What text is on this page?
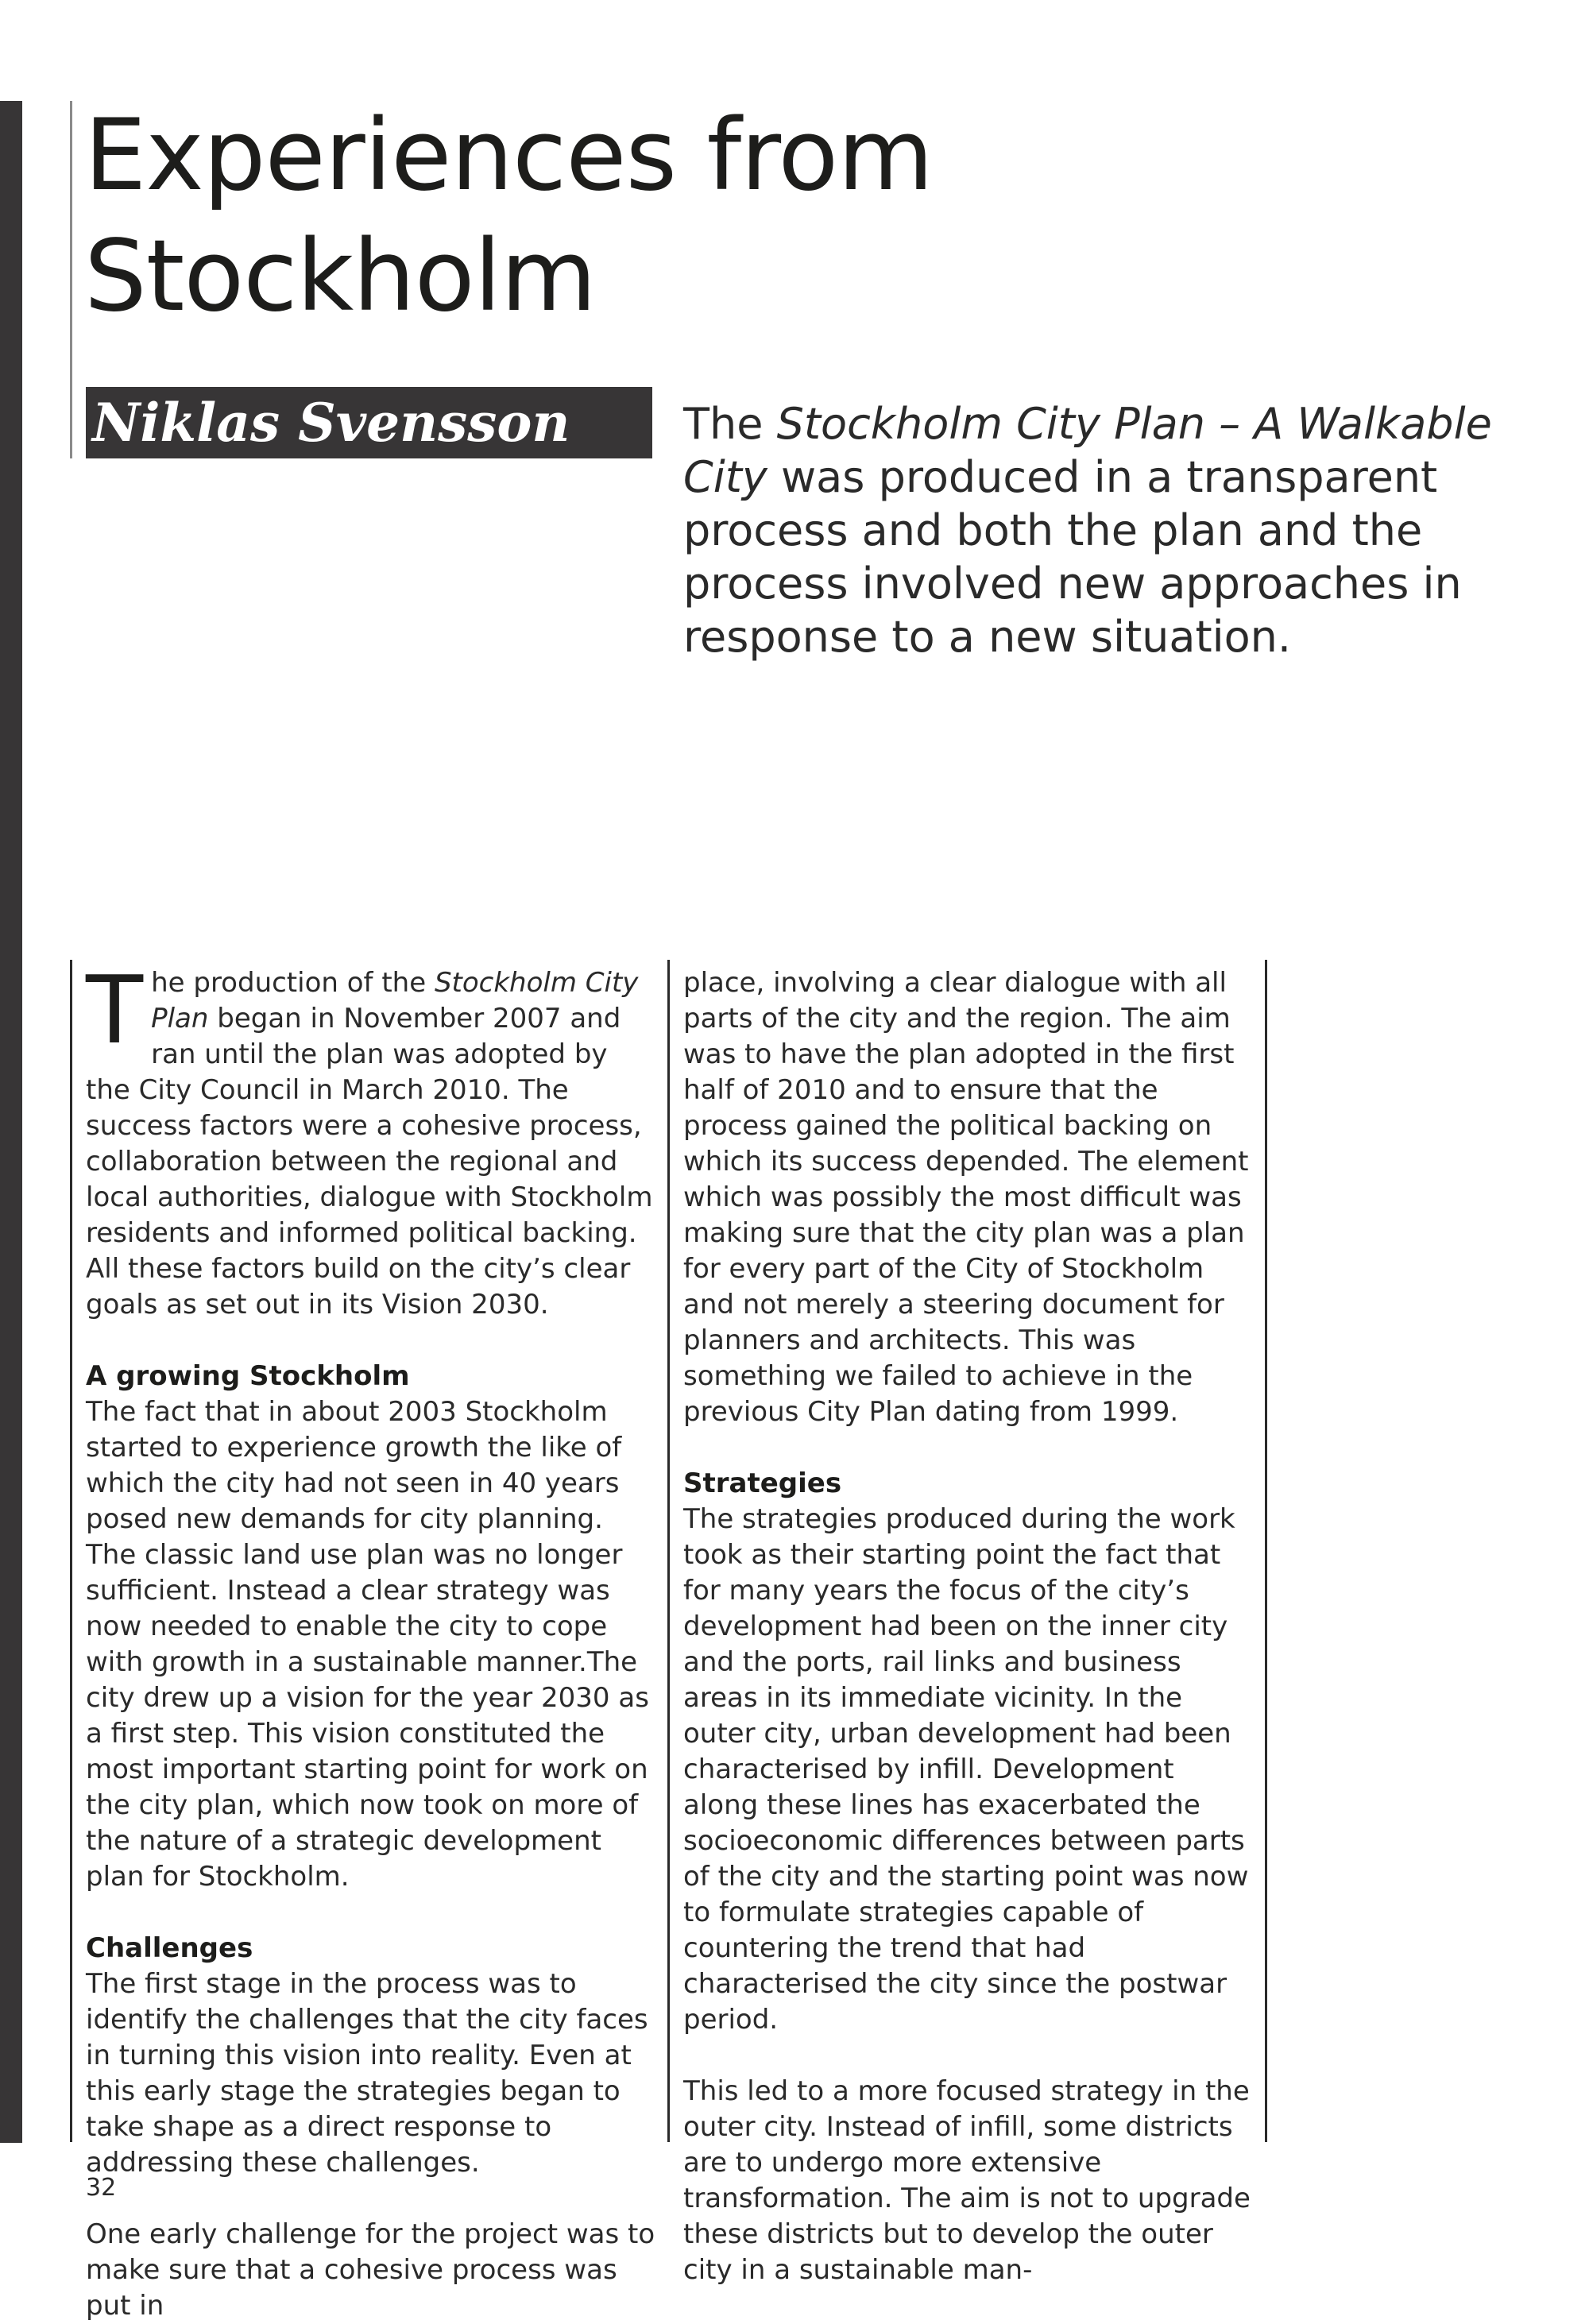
Experiences from
Stockholm
Niklas Svensson	The Stockholm City Plan – A Walkable City was produced in a transparent process and both the plan and the process involved new approaches in response to a new situation.

The production of the Stockholm City Plan began in November 2007 and ran until the plan was adopted by the City Council in March 2010. The success factors were a cohesive process, collaboration between the regional and local authorities, dialogue with Stockholm residents and informed political backing. All these factors build on the city’s clear goals as set out in its Vision 2030.

A growing Stockholm

The fact that in about 2003 Stockholm started to experience growth the like of which the city had not seen in 40 years posed new demands for city planning. The classic land use plan was no longer sufficient. Instead a clear strategy was now needed to enable the city to cope with growth in a sustainable manner.The city drew up a vision for the year 2030 as a first step. This vision constituted the most important starting point for work on the city plan, which now took on more of the nature of a strategic development plan for Stockholm.

Challenges

The first stage in the process was to identify the challenges that the city faces in turning this vision into reality. Even at this early stage the strategies began to take shape as a direct response to addressing these challenges.

One early challenge for the project was to make sure that a cohesive process was put in

place, involving a clear dialogue with all parts of the city and the region. The aim was to have the plan adopted in the first half of 2010 and to ensure that the process gained the political backing on which its success depended. The element which was possibly the most difficult was making sure that the city plan was a plan for every part of the City of Stockholm and not merely a steering document for planners and architects. This was something we failed to achieve in the previous City Plan dating from 1999.

Strategies

The strategies produced during the work took as their starting point the fact that for many years the focus of the city’s development had been on the inner city and the ports, rail links and business areas in its immediate vicinity. In the outer city, urban development had been characterised by infill. Development along these lines has exacerbated the socioeconomic differences between parts of the city and the starting point was now to formulate strategies capable of countering the trend that had characterised the city since the postwar period.

This led to a more focused strategy in the outer city. Instead of infill, some districts are to undergo more extensive transformation. The aim is not to upgrade these districts but to develop the outer city in a sustainable man-

32
